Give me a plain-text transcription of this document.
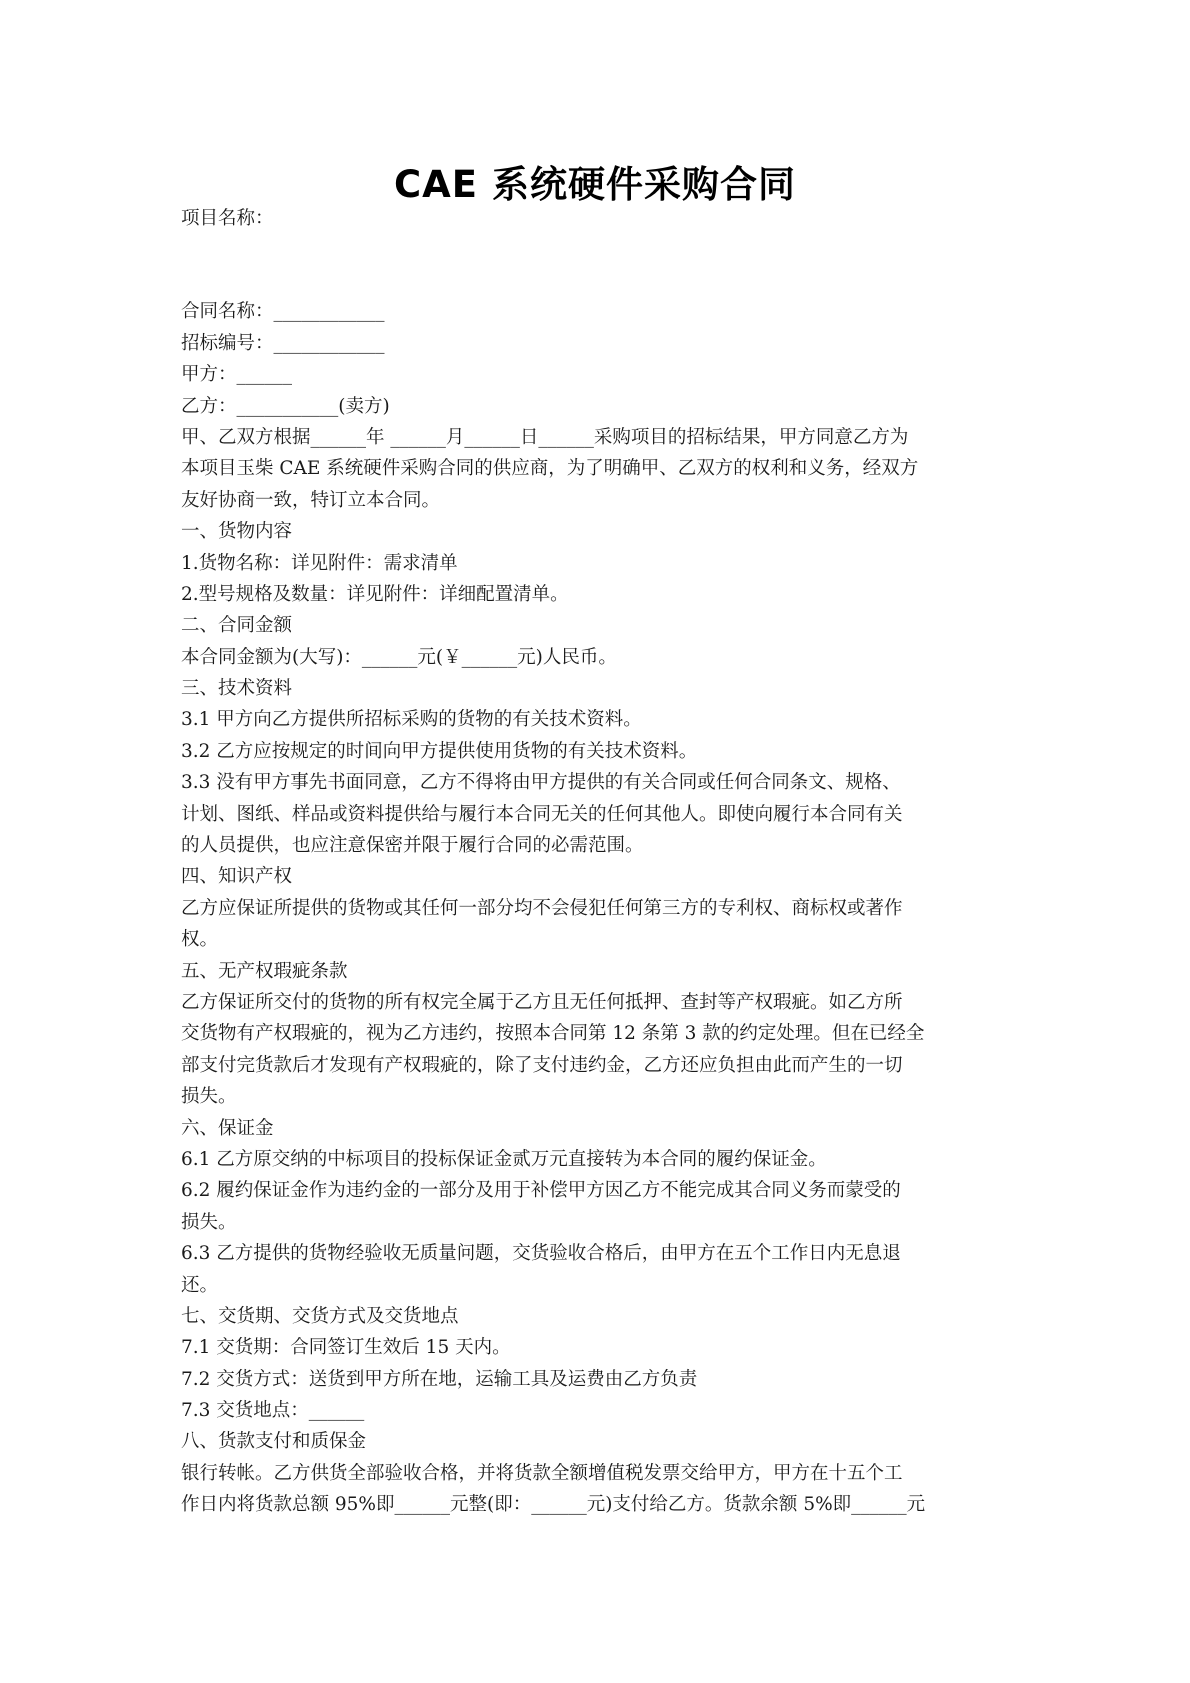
CAE 系统硬件采购合同
项目名称：
合同名称：____________
招标编号：____________
甲方：______
乙方：___________(卖方)
甲、乙双方根据______年 ______月______日______采购项目的招标结果，甲方同意乙方为
本项目玉柴 CAE 系统硬件采购合同的供应商，为了明确甲、乙双方的权利和义务，经双方
友好协商一致，特订立本合同。
一、货物内容
1.货物名称：详见附件：需求清单
2.型号规格及数量：详见附件：详细配置清单。
二、合同金额
本合同金额为(大写)：______元(￥______元)人民币。
三、技术资料
3.1 甲方向乙方提供所招标采购的货物的有关技术资料。
3.2 乙方应按规定的时间向甲方提供使用货物的有关技术资料。
3.3 没有甲方事先书面同意，乙方不得将由甲方提供的有关合同或任何合同条文、规格、
计划、图纸、样品或资料提供给与履行本合同无关的任何其他人。即使向履行本合同有关
的人员提供，也应注意保密并限于履行合同的必需范围。
四、知识产权
乙方应保证所提供的货物或其任何一部分均不会侵犯任何第三方的专利权、商标权或著作
权。
五、无产权瑕疵条款
乙方保证所交付的货物的所有权完全属于乙方且无任何抵押、查封等产权瑕疵。如乙方所
交货物有产权瑕疵的，视为乙方违约，按照本合同第 12 条第 3 款的约定处理。但在已经全
部支付完货款后才发现有产权瑕疵的，除了支付违约金，乙方还应负担由此而产生的一切
损失。
六、保证金
6.1 乙方原交纳的中标项目的投标保证金贰万元直接转为本合同的履约保证金。
6.2 履约保证金作为违约金的一部分及用于补偿甲方因乙方不能完成其合同义务而蒙受的
损失。
6.3 乙方提供的货物经验收无质量问题，交货验收合格后，由甲方在五个工作日内无息退
还。
七、交货期、交货方式及交货地点
7.1 交货期：合同签订生效后 15 天内。
7.2 交货方式：送货到甲方所在地，运输工具及运费由乙方负责
7.3 交货地点：______
八、货款支付和质保金
银行转帐。乙方供货全部验收合格，并将货款全额增值税发票交给甲方，甲方在十五个工
作日内将货款总额 95%即______元整(即：______元)支付给乙方。货款余额 5%即______元
